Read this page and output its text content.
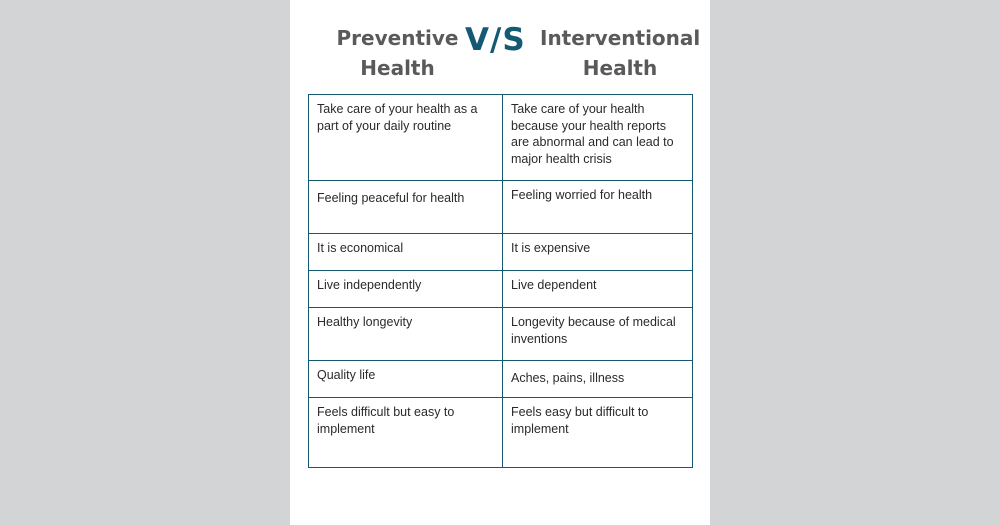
Preventive Health
V/S Interventional Health
Take care of your health as a part of your daily routine	Take care of your health because your health reports are abnormal and can lead to major health crisis
Feeling peaceful for health	Feeling worried for health
It is economical	It is expensive
Live independently	Live dependent
Healthy longevity	Longevity because of medical inventions
Quality life	Aches, pains, illness
Feels difficult but easy to implement	Feels easy but difficult to implement
